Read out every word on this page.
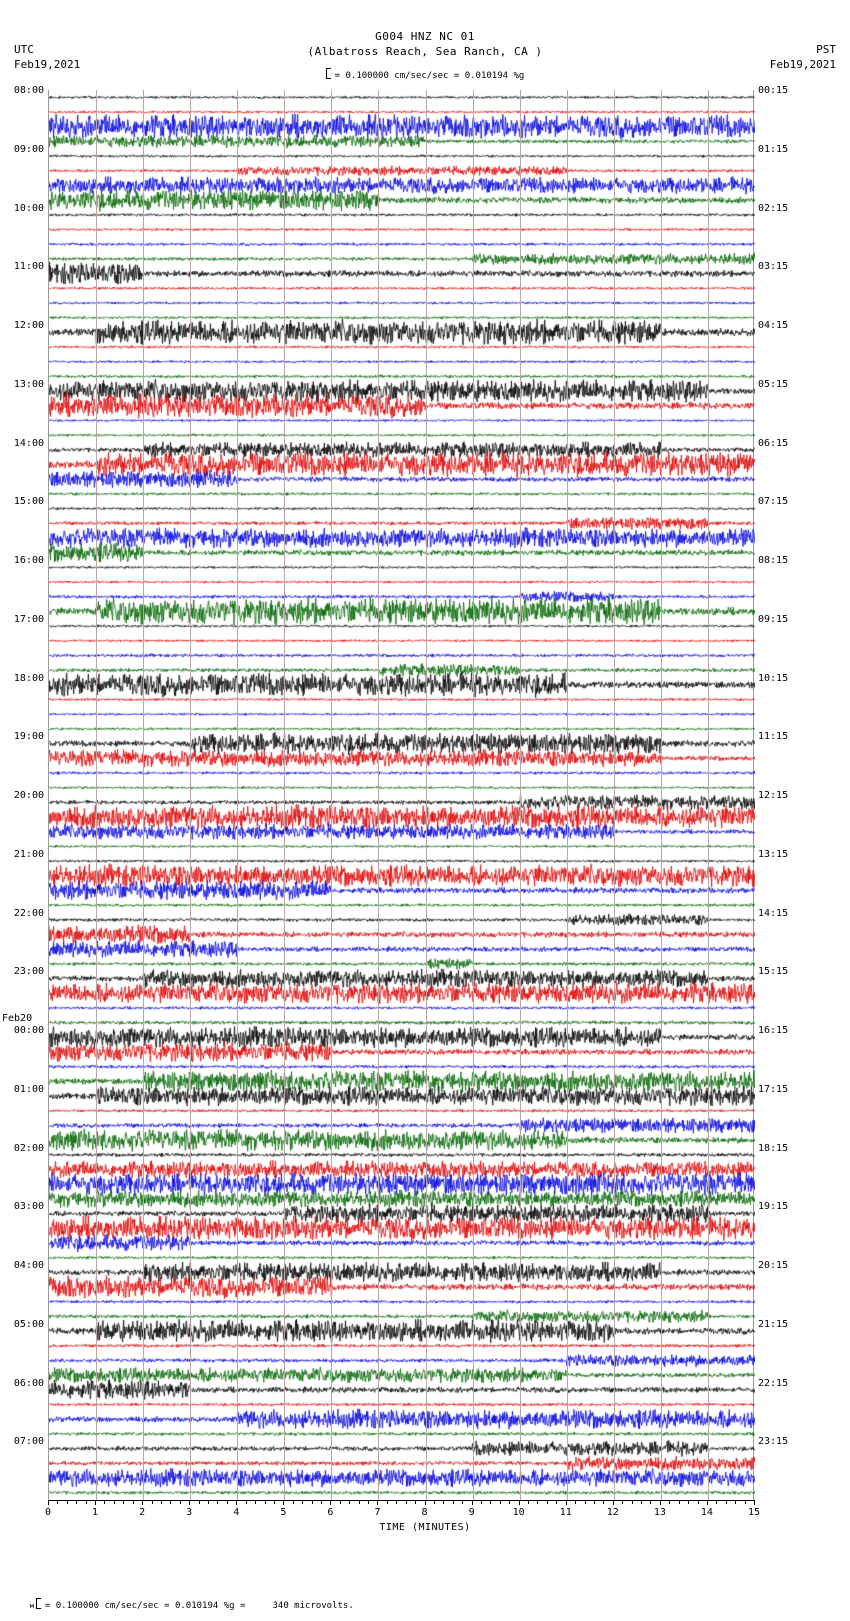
UTC
Feb19,2021
PST
Feb19,2021
G004 HNZ NC 01
(Albatross Reach, Sea Ranch, CA )
= 0.100000 cm/sec/sec = 0.010194 %g
08:00
09:00
10:00
11:00
12:00
13:00
14:00
15:00
16:00
17:00
18:00
19:00
20:00
21:00
22:00
23:00
00:00
01:00
02:00
03:00
04:00
05:00
06:00
07:00
Feb20
00:15
01:15
02:15
03:15
04:15
05:15
06:15
07:15
08:15
09:15
10:15
11:15
12:15
13:15
14:15
15:15
16:15
17:15
18:15
19:15
20:15
21:15
22:15
23:15
0	1	2	3	4	5	6	7	8	9	10	11	12	13	14	15
TIME (MINUTES)

м = 0.100000 cm/sec/sec = 0.010194 %g =     340 microvolts.
